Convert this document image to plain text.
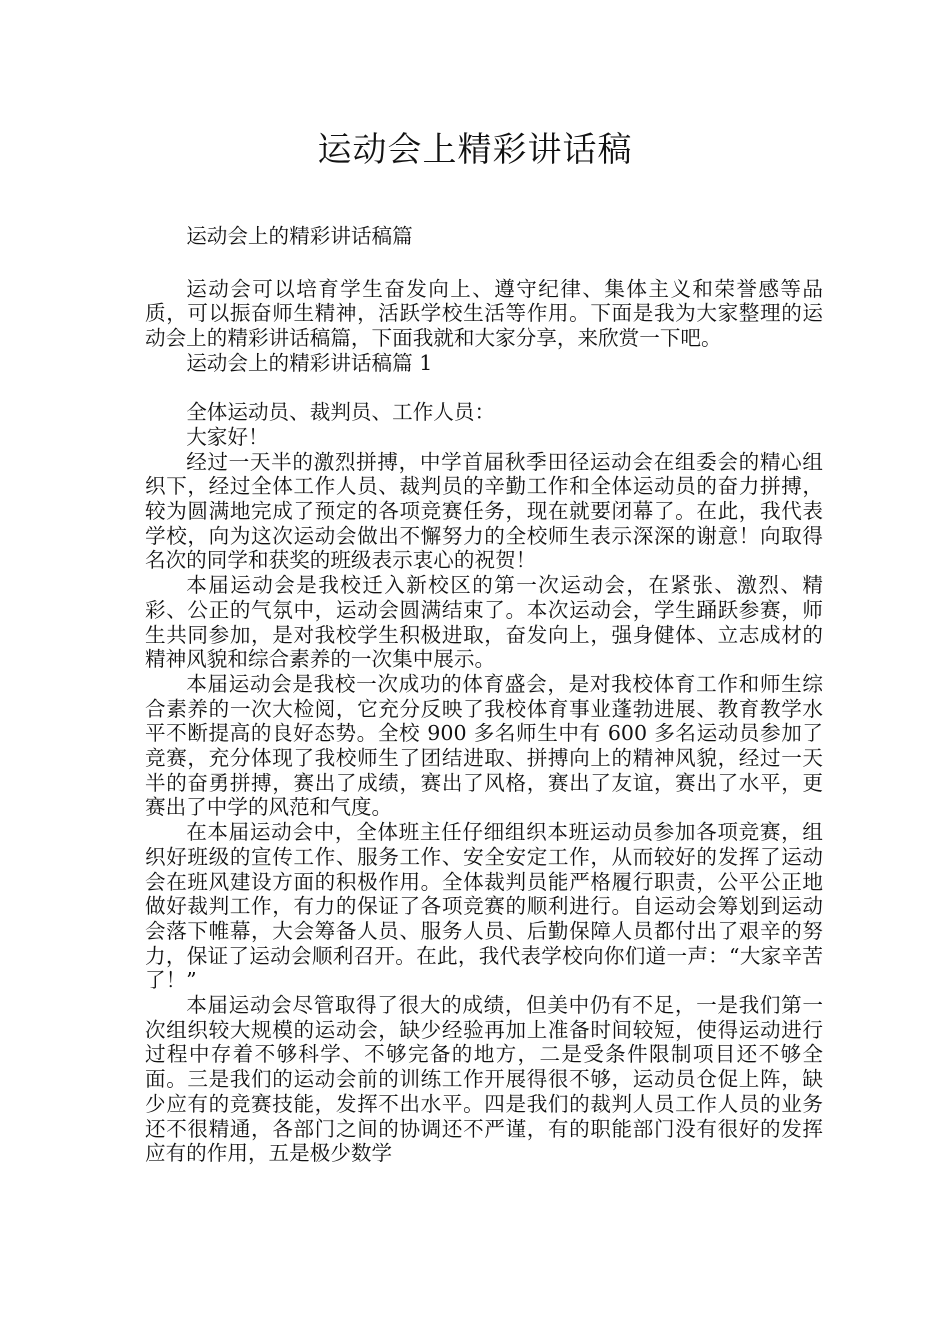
运动会上精彩讲话稿

运动会上的精彩讲话稿篇

运动会可以培育学生奋发向上、遵守纪律、集体主义和荣誉感等品质，可以振奋师生精神，活跃学校生活等作用。下面是我为大家整理的运动会上的精彩讲话稿篇，下面我就和大家分享，来欣赏一下吧。

运动会上的精彩讲话稿篇 1

全体运动员、裁判员、工作人员：

大家好！

经过一天半的激烈拼搏，中学首届秋季田径运动会在组委会的精心组织下，经过全体工作人员、裁判员的辛勤工作和全体运动员的奋力拼搏，较为圆满地完成了预定的各项竞赛任务，现在就要闭幕了。在此，我代表学校，向为这次运动会做出不懈努力的全校师生表示深深的谢意！向取得名次的同学和获奖的班级表示衷心的祝贺！

本届运动会是我校迁入新校区的第一次运动会，在紧张、激烈、精彩、公正的气氛中，运动会圆满结束了。本次运动会，学生踊跃参赛，师生共同参加，是对我校学生积极进取，奋发向上，强身健体、立志成材的精神风貌和综合素养的一次集中展示。

本届运动会是我校一次成功的体育盛会，是对我校体育工作和师生综合素养的一次大检阅，它充分反映了我校体育事业蓬勃进展、教育教学水平不断提高的良好态势。全校 900 多名师生中有 600 多名运动员参加了竞赛，充分体现了我校师生了团结进取、拼搏向上的精神风貌，经过一天半的奋勇拼搏，赛出了成绩，赛出了风格，赛出了友谊，赛出了水平，更赛出了中学的风范和气度。

在本届运动会中，全体班主任仔细组织本班运动员参加各项竞赛，组织好班级的宣传工作、服务工作、安全安定工作，从而较好的发挥了运动会在班风建设方面的积极作用。全体裁判员能严格履行职责，公平公正地做好裁判工作，有力的保证了各项竞赛的顺利进行。自运动会筹划到运动会落下帷幕，大会筹备人员、服务人员、后勤保障人员都付出了艰辛的努力，保证了运动会顺利召开。在此，我代表学校向你们道一声：“大家辛苦了！”

本届运动会尽管取得了很大的成绩，但美中仍有不足，一是我们第一次组织较大规模的运动会，缺少经验再加上准备时间较短，使得运动进行过程中存着不够科学、不够完备的地方，二是受条件限制项目还不够全面。三是我们的运动会前的训练工作开展得很不够，运动员仓促上阵，缺少应有的竞赛技能，发挥不出水平。四是我们的裁判人员工作人员的业务还不很精通，各部门之间的协调还不严谨，有的职能部门没有很好的发挥应有的作用，五是极少数学
